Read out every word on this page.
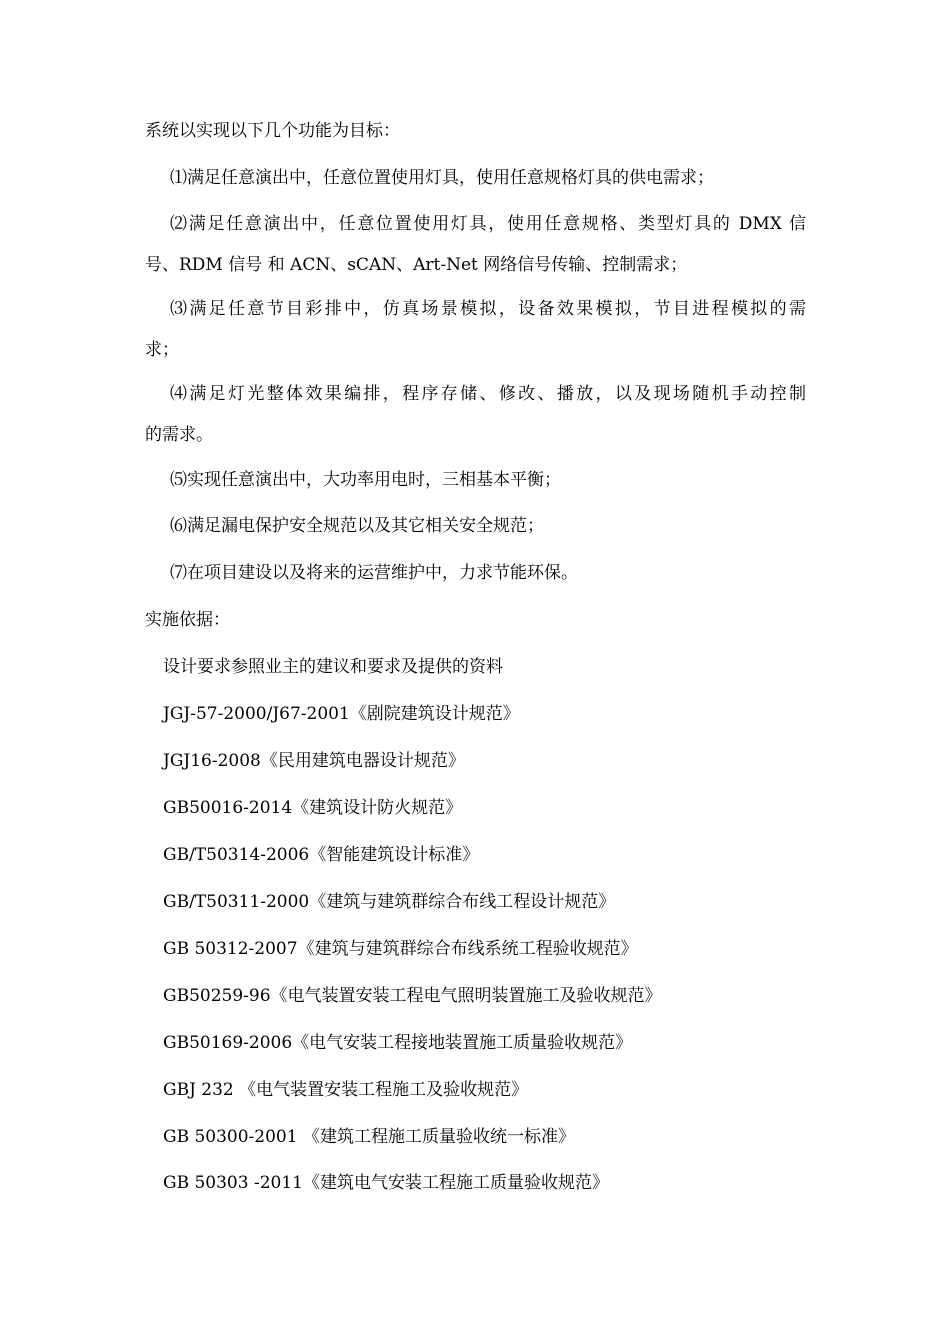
系统以实现以下几个功能为目标：
⑴满足任意演出中，任意位置使用灯具，使用任意规格灯具的供电需求；
⑵满足任意演出中，任意位置使用灯具，使用任意规格、类型灯具的 DMX 信
号、RDM 信号 和 ACN、sCAN、Art-Net 网络信号传输、控制需求；
⑶满足任意节目彩排中，仿真场景模拟，设备效果模拟，节目进程模拟的需
求；
⑷满足灯光整体效果编排，程序存储、修改、播放，以及现场随机手动控制
的需求。
⑸实现任意演出中，大功率用电时，三相基本平衡；
⑹满足漏电保护安全规范以及其它相关安全规范；
⑺在项目建设以及将来的运营维护中，力求节能环保。
实施依据：
设计要求参照业主的建议和要求及提供的资料
JGJ-57-2000/J67-2001《剧院建筑设计规范》
JGJ16-2008《民用建筑电器设计规范》
GB50016-2014《建筑设计防火规范》
GB/T50314-2006《智能建筑设计标准》
GB/T50311-2000《建筑与建筑群综合布线工程设计规范》
GB 50312-2007《建筑与建筑群综合布线系统工程验收规范》
GB50259-96《电气装置安装工程电气照明装置施工及验收规范》
GB50169-2006《电气安装工程接地装置施工质量验收规范》
GBJ 232 《电气装置安装工程施工及验收规范》
GB 50300-2001 《建筑工程施工质量验收统一标准》
GB 50303 -2011《建筑电气安装工程施工质量验收规范》
